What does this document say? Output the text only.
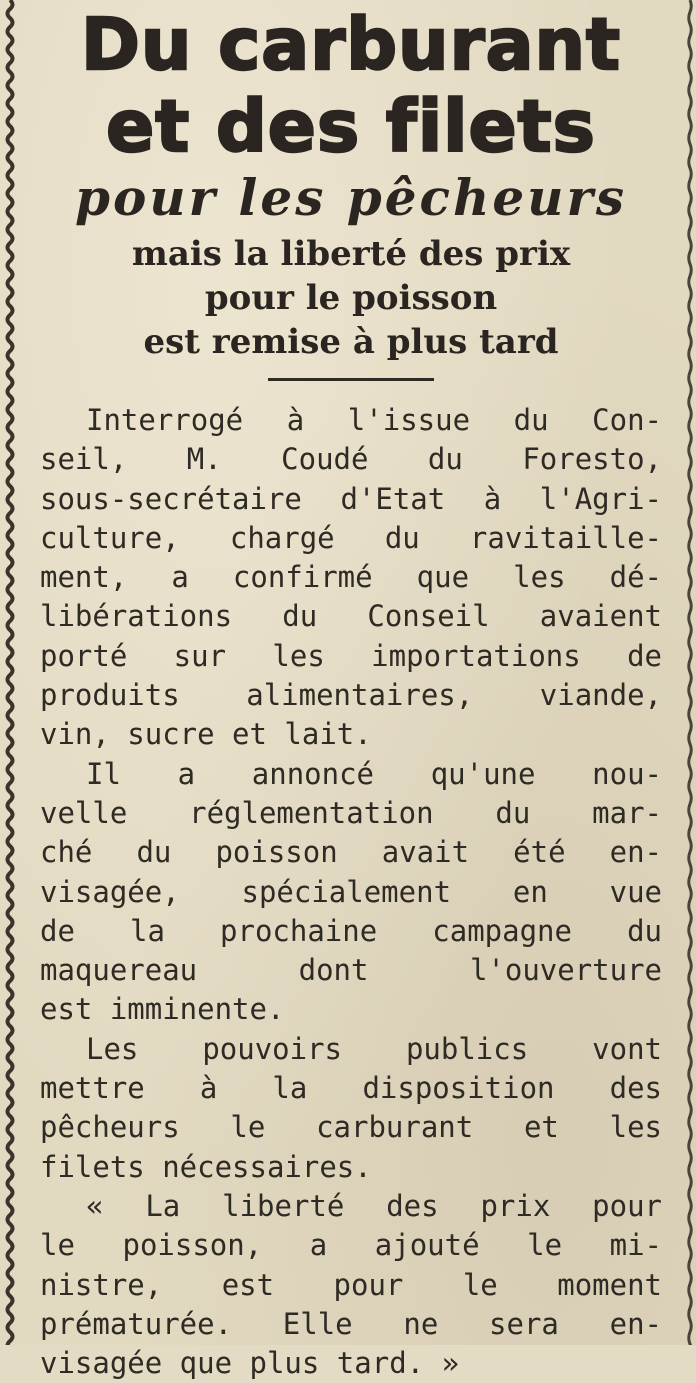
Du carburant
et des filets
pour les pêcheurs
mais la liberté des prix
pour le poisson
est remise à plus tard
Interrogé à l'issue du Con-
seil, M. Coudé du Foresto,
sous-secrétaire d'Etat à l'Agri-
culture, chargé du ravitaille-
ment, a confirmé que les dé-
libérations du Conseil avaient
porté sur les importations de
produits alimentaires, viande,
vin, sucre et lait.
Il a annoncé qu'une nou-
velle réglementation du mar-
ché du poisson avait été en-
visagée, spécialement en vue
de la prochaine campagne du
maquereau dont l'ouverture
est imminente.
Les pouvoirs publics vont
mettre à la disposition des
pêcheurs le carburant et les
filets nécessaires.
« La liberté des prix pour
le poisson, a ajouté le mi-
nistre, est pour le moment
prématurée. Elle ne sera en-
visagée que plus tard. »
